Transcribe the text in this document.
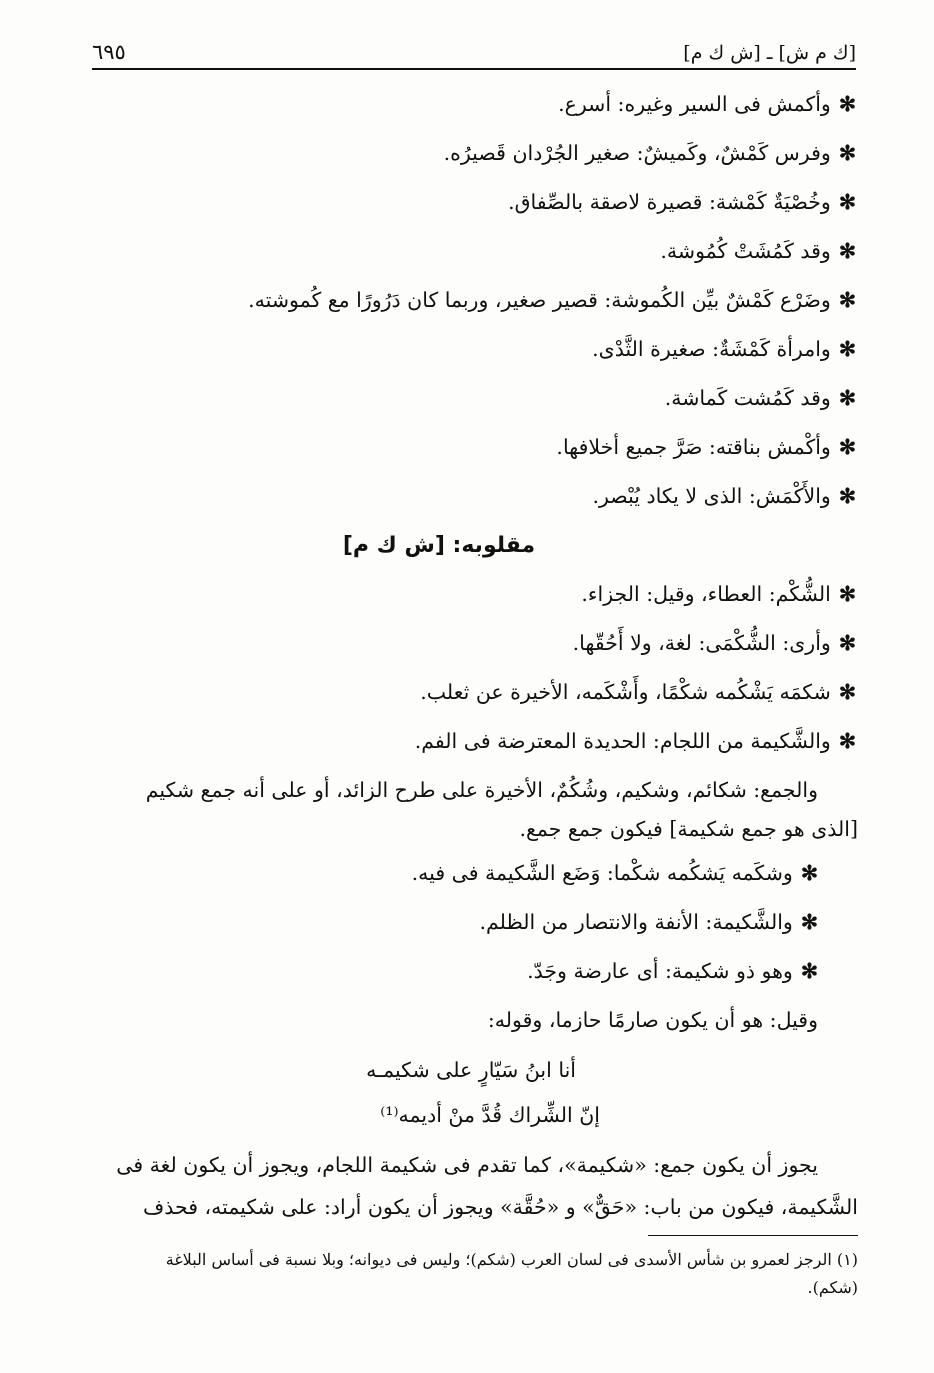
[ك م ش] ـ [ش ك م]
٦٩٥
✻وأكمش فى السير وغيره: أسرع.
✻وفرس كَمْشٌ، وكَميشٌ: صغير الجُرْدان قَصيرُه.
✻وخُصْيَةٌ كَمْشة: قصيرة لاصقة بالصِّفاق.
✻وقد كَمُشَتْ كُمُوشة.
✻وضَرْع كَمْشٌ بيِّن الكُموشة: قصير صغير، وربما كان دَرُورًا مع كُموشته.
✻وامرأة كَمْشَةٌ: صغيرة الثَّدْى.
✻وقد كَمُشت كَماشة.
✻وأكْمش بناقته: صَرَّ جميع أخلافها.
✻والأَكْمَش: الذى لا يكاد يُبْصر.
مقلوبه: [ش ك م]
✻الشُّكْم: العطاء، وقيل: الجزاء.
✻وأرى: الشُّكْمَى: لغة، ولا أَحُقّها.
✻شكمَه يَشْكُمه شكْمًا، وأَشْكَمه، الأخيرة عن ثعلب.
✻والشَّكيمة من اللجام: الحديدة المعترضة فى الفم.
والجمع: شكائم، وشكيم، وشُكُمٌ، الأخيرة على طرح الزائد، أو على أنه جمع شكيم
[الذى هو جمع شكيمة] فيكون جمع جمع.
✻وشكَمه يَشكُمه شكْما: وَضَع الشَّكيمة فى فيه.
✻والشَّكيمة: الأنفة والانتصار من الظلم.
✻وهو ذو شكيمة: أى عارضة وجَدّ.
وقيل: هو أن يكون صارمًا حازما، وقوله:
أنا ابنُ سَيّارٍ على شكيمـه
إنّ الشِّراك قُدَّ منْ أديمه⁽¹⁾
يجوز أن يكون جمع: «شكيمة»، كما تقدم فى شكيمة اللجام، ويجوز أن يكون لغة فى
الشَّكيمة، فيكون من باب: «حَقٌّ» و «حُقَّة» ويجوز أن يكون أراد: على شكيمته، فحذف
(١) الرجز لعمرو بن شأس الأسدى فى لسان العرب (شكم)؛ وليس فى ديوانه؛ وبلا نسبة فى أساس البلاغة
(شكم).
